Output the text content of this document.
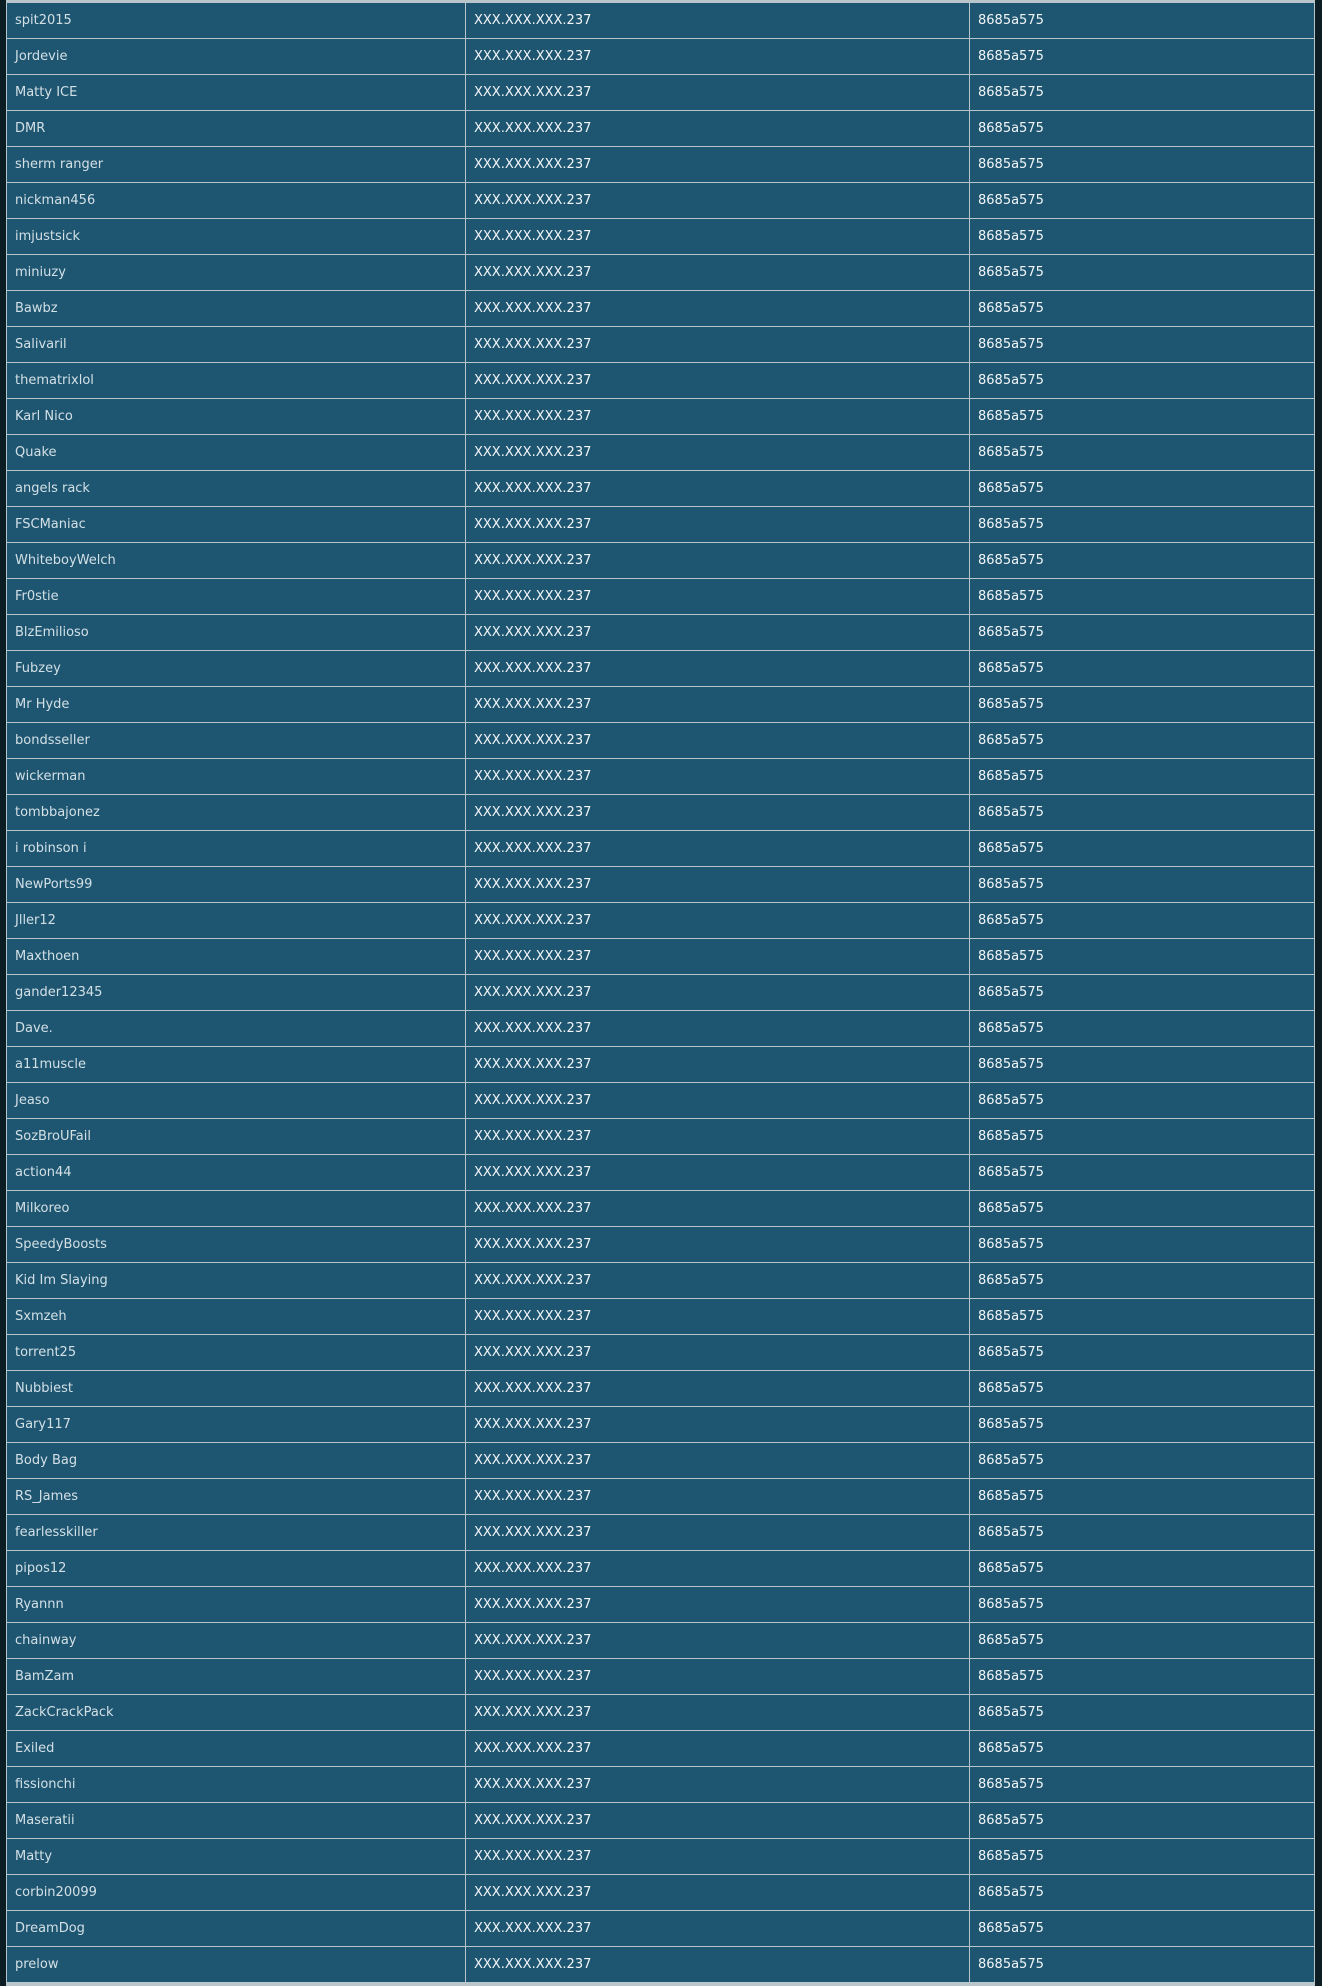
spit2015	XXX.XXX.XXX.237	8685a575
Jordevie	XXX.XXX.XXX.237	8685a575
Matty ICE	XXX.XXX.XXX.237	8685a575
DMR	XXX.XXX.XXX.237	8685a575
sherm ranger	XXX.XXX.XXX.237	8685a575
nickman456	XXX.XXX.XXX.237	8685a575
imjustsick	XXX.XXX.XXX.237	8685a575
miniuzy	XXX.XXX.XXX.237	8685a575
Bawbz	XXX.XXX.XXX.237	8685a575
Salivaril	XXX.XXX.XXX.237	8685a575
thematrixlol	XXX.XXX.XXX.237	8685a575
Karl Nico	XXX.XXX.XXX.237	8685a575
Quake	XXX.XXX.XXX.237	8685a575
angels rack	XXX.XXX.XXX.237	8685a575
FSCManiac	XXX.XXX.XXX.237	8685a575
WhiteboyWelch	XXX.XXX.XXX.237	8685a575
Fr0stie	XXX.XXX.XXX.237	8685a575
BlzEmilioso	XXX.XXX.XXX.237	8685a575
Fubzey	XXX.XXX.XXX.237	8685a575
Mr Hyde	XXX.XXX.XXX.237	8685a575
bondsseller	XXX.XXX.XXX.237	8685a575
wickerman	XXX.XXX.XXX.237	8685a575
tombbajonez	XXX.XXX.XXX.237	8685a575
i robinson i	XXX.XXX.XXX.237	8685a575
NewPorts99	XXX.XXX.XXX.237	8685a575
Jller12	XXX.XXX.XXX.237	8685a575
Maxthoen	XXX.XXX.XXX.237	8685a575
gander12345	XXX.XXX.XXX.237	8685a575
Dave.	XXX.XXX.XXX.237	8685a575
a11muscle	XXX.XXX.XXX.237	8685a575
Jeaso	XXX.XXX.XXX.237	8685a575
SozBroUFail	XXX.XXX.XXX.237	8685a575
action44	XXX.XXX.XXX.237	8685a575
Milkoreo	XXX.XXX.XXX.237	8685a575
SpeedyBoosts	XXX.XXX.XXX.237	8685a575
Kid Im Slaying	XXX.XXX.XXX.237	8685a575
Sxmzeh	XXX.XXX.XXX.237	8685a575
torrent25	XXX.XXX.XXX.237	8685a575
Nubbiest	XXX.XXX.XXX.237	8685a575
Gary117	XXX.XXX.XXX.237	8685a575
Body Bag	XXX.XXX.XXX.237	8685a575
RS_James	XXX.XXX.XXX.237	8685a575
fearlesskiller	XXX.XXX.XXX.237	8685a575
pipos12	XXX.XXX.XXX.237	8685a575
Ryannn	XXX.XXX.XXX.237	8685a575
chainway	XXX.XXX.XXX.237	8685a575
BamZam	XXX.XXX.XXX.237	8685a575
ZackCrackPack	XXX.XXX.XXX.237	8685a575
Exiled	XXX.XXX.XXX.237	8685a575
fissionchi	XXX.XXX.XXX.237	8685a575
Maseratii	XXX.XXX.XXX.237	8685a575
Matty	XXX.XXX.XXX.237	8685a575
corbin20099	XXX.XXX.XXX.237	8685a575
DreamDog	XXX.XXX.XXX.237	8685a575
prelow	XXX.XXX.XXX.237	8685a575
